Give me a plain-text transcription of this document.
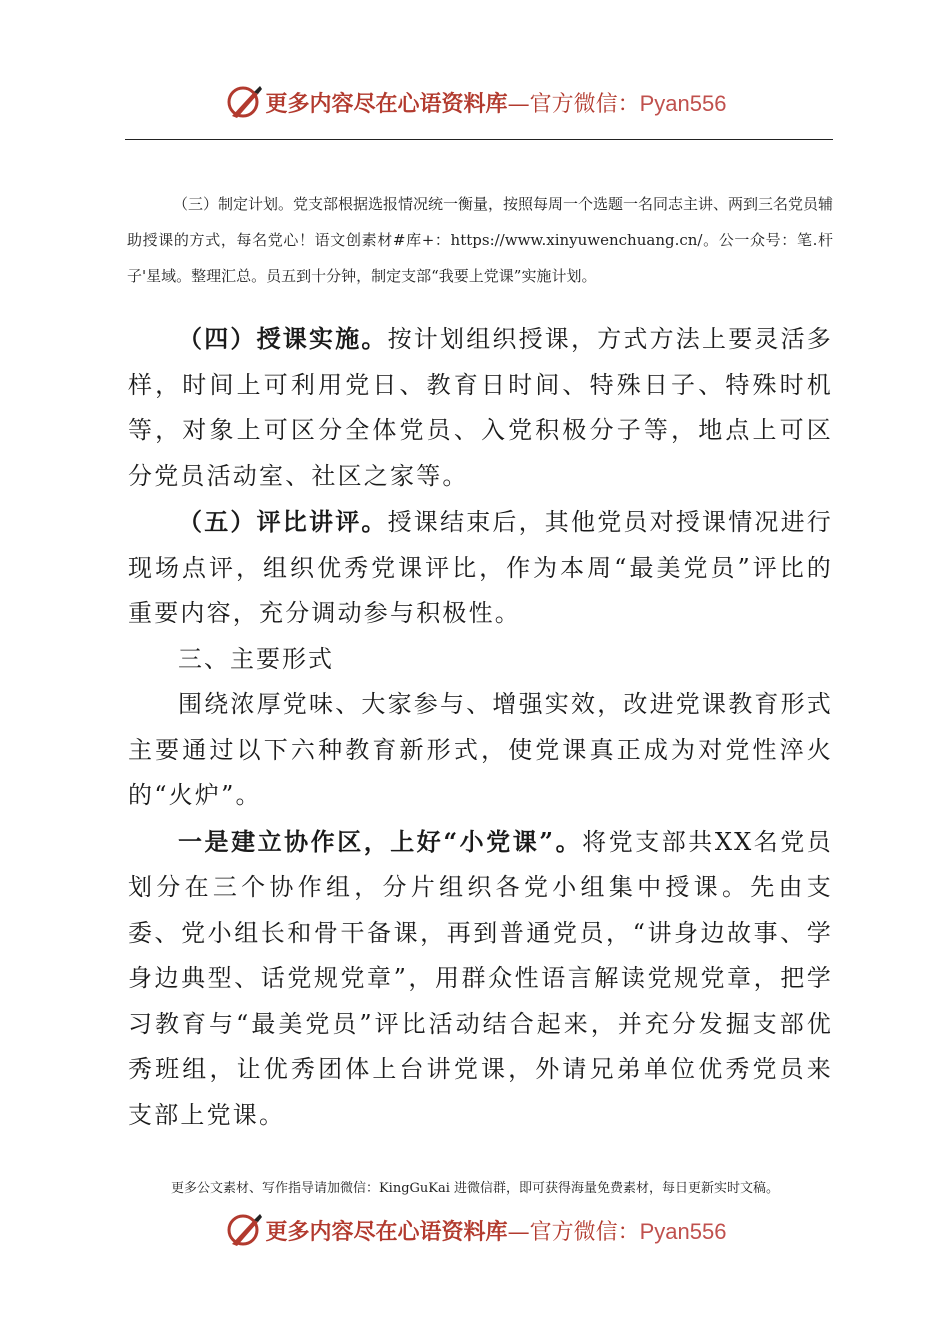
更多内容尽在心语资料库—官方微信：Pyan556

（三）制定计划。党支部根据选报情况统一衡量，按照每周一个选题一名同志主讲、两到三名党员辅助授课的方式，每名党心！语文创素材#库+：https://www.xinyuwenchuang.cn/。公一众号：笔.杆子'星域。整理汇总。员五到十分钟，制定支部“我要上党课”实施计划。

（四）授课实施。按计划组织授课，方式方法上要灵活多样，时间上可利用党日、教育日时间、特殊日子、特殊时机等，对象上可区分全体党员、入党积极分子等，地点上可区分党员活动室、社区之家等。

（五）评比讲评。授课结束后，其他党员对授课情况进行现场点评，组织优秀党课评比，作为本周“最美党员”评比的重要内容，充分调动参与积极性。

三、主要形式

围绕浓厚党味、大家参与、增强实效，改进党课教育形式主要通过以下六种教育新形式，使党课真正成为对党性淬火的“火炉”。

一是建立协作区，上好“小党课”。将党支部共XX名党员划分在三个协作组，分片组织各党小组集中授课。先由支委、党小组长和骨干备课，再到普通党员，“讲身边故事、学身边典型、话党规党章”，用群众性语言解读党规党章，把学习教育与“最美党员”评比活动结合起来，并充分发掘支部优秀班组，让优秀团体上台讲党课，外请兄弟单位优秀党员来支部上党课。

更多公文素材、写作指导请加微信：KingGuKai 进微信群，即可获得海量免费素材，每日更新实时文稿。

更多内容尽在心语资料库—官方微信：Pyan556
